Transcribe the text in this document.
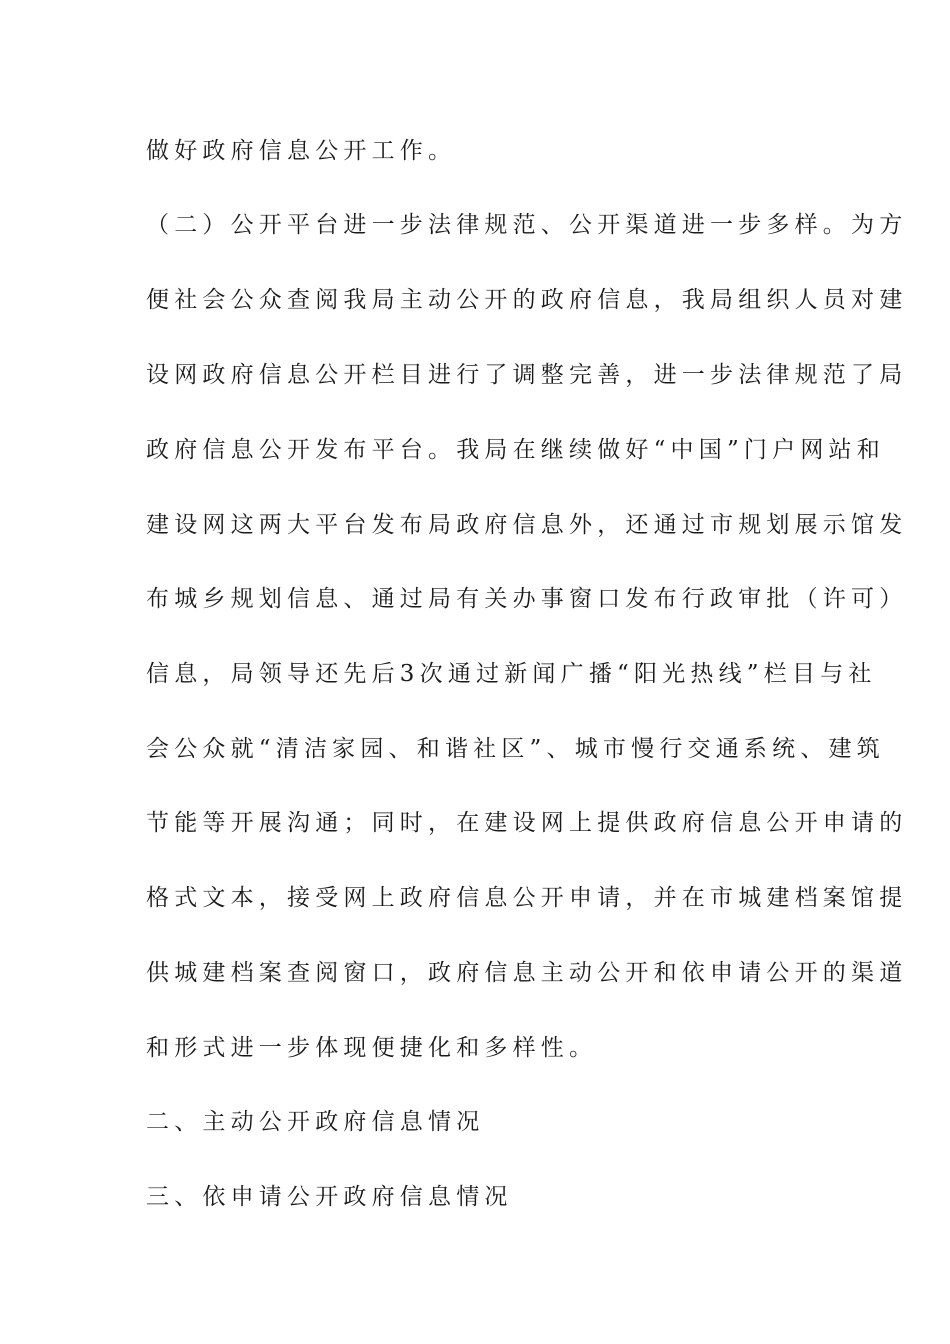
做好政府信息公开工作。
（二）公开平台进一步法律规范、公开渠道进一步多样。为方
便社会公众查阅我局主动公开的政府信息，我局组织人员对建
设网政府信息公开栏目进行了调整完善，进一步法律规范了局
政府信息公开发布平台。我局在继续做好“中国”门户网站和
建设网这两大平台发布局政府信息外，还通过市规划展示馆发
布城乡规划信息、通过局有关办事窗口发布行政审批（许可）
信息，局领导还先后3次通过新闻广播“阳光热线”栏目与社
会公众就“清洁家园、和谐社区”、城市慢行交通系统、建筑
节能等开展沟通；同时，在建设网上提供政府信息公开申请的
格式文本，接受网上政府信息公开申请，并在市城建档案馆提
供城建档案查阅窗口，政府信息主动公开和依申请公开的渠道
和形式进一步体现便捷化和多样性。
二、主动公开政府信息情况
三、依申请公开政府信息情况
